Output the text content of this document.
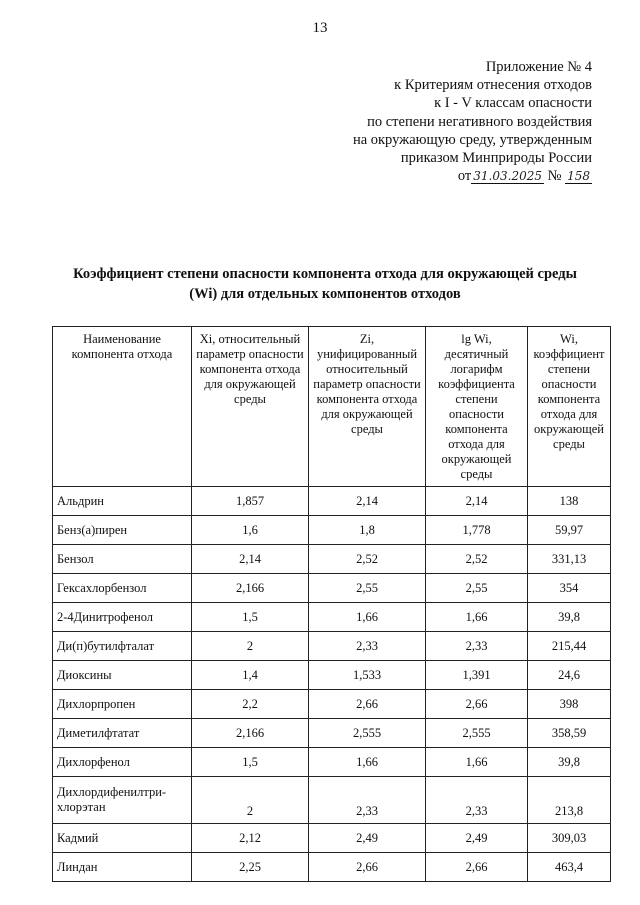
13
Приложение № 4
к Критериям отнесения отходов
к I - V классам опасности
по степени негативного воздействия
на окружающую среду, утвержденным
приказом Минприроды России
от 31.03.2025 № 158
Коэффициент степени опасности компонента отхода для окружающей среды
(Wi) для отдельных компонентов отходов
Наименование компонента отхода	Xi, относительный параметр опасности компонента отхода для окружающей среды	Zi, унифицированный относительный параметр опасности компонента отхода для окружающей среды	lg Wi, десятичный логарифм коэффициента степени опасности компонента отхода для окружающей среды	Wi, коэффициент степени опасности компонента отхода для окружающей среды
Альдрин	1,857	2,14	2,14	138
Бенз(а)пирен	1,6	1,8	1,778	59,97
Бензол	2,14	2,52	2,52	331,13
Гексахлорбензол	2,166	2,55	2,55	354
2-4Динитрофенол	1,5	1,66	1,66	39,8
Ди(п)бутилфталат	2	2,33	2,33	215,44
Диоксины	1,4	1,533	1,391	24,6
Дихлорпропен	2,2	2,66	2,66	398
Диметилфтатат	2,166	2,555	2,555	358,59
Дихлорфенол	1,5	1,66	1,66	39,8
Дихлордифенилтри-хлорэтан	2	2,33	2,33	213,8
Кадмий	2,12	2,49	2,49	309,03
Линдан	2,25	2,66	2,66	463,4
